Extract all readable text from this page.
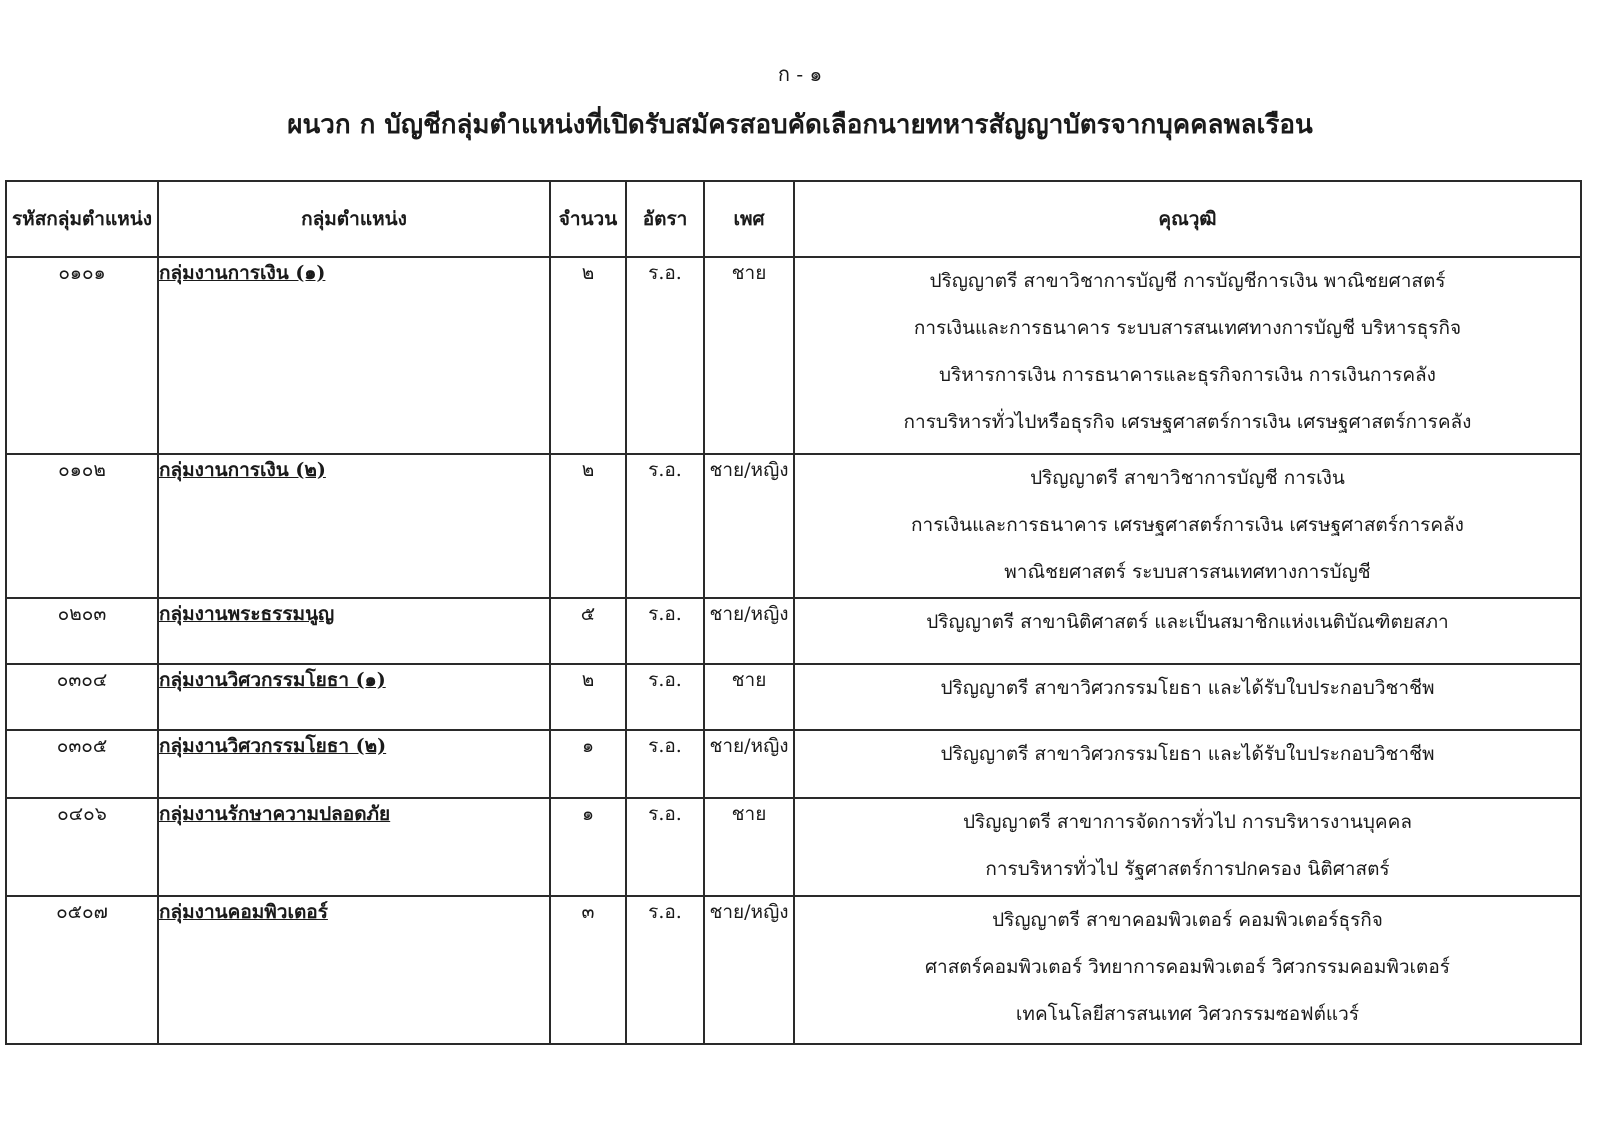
ก - ๑
ผนวก ก บัญชีกลุ่มตำแหน่งที่เปิดรับสมัครสอบคัดเลือกนายทหารสัญญาบัตรจากบุคคลพลเรือน
รหัสกลุ่มตำแหน่ง	กลุ่มตำแหน่ง	จำนวน	อัตรา	เพศ	คุณวุฒิ
๐๑๐๑	กลุ่มงานการเงิน (๑)	๒	ร.อ.	ชาย	ปริญญาตรี สาขาวิชาการบัญชี การบัญชีการเงิน พาณิชยศาสตร์
การเงินและการธนาคาร ระบบสารสนเทศทางการบัญชี บริหารธุรกิจ
บริหารการเงิน การธนาคารและธุรกิจการเงิน การเงินการคลัง
การบริหารทั่วไปหรือธุรกิจ เศรษฐศาสตร์การเงิน เศรษฐศาสตร์การคลัง

๐๑๐๒	กลุ่มงานการเงิน (๒)	๒	ร.อ.	ชาย/หญิง	ปริญญาตรี สาขาวิชาการบัญชี การเงิน
การเงินและการธนาคาร เศรษฐศาสตร์การเงิน เศรษฐศาสตร์การคลัง
พาณิชยศาสตร์ ระบบสารสนเทศทางการบัญชี

๐๒๐๓	กลุ่มงานพระธรรมนูญ	๕	ร.อ.	ชาย/หญิง	ปริญญาตรี สาขานิติศาสตร์ และเป็นสมาชิกแห่งเนติบัณฑิตยสภา

๐๓๐๔	กลุ่มงานวิศวกรรมโยธา (๑)	๒	ร.อ.	ชาย	ปริญญาตรี สาขาวิศวกรรมโยธา และได้รับใบประกอบวิชาชีพ

๐๓๐๕	กลุ่มงานวิศวกรรมโยธา (๒)	๑	ร.อ.	ชาย/หญิง	ปริญญาตรี สาขาวิศวกรรมโยธา และได้รับใบประกอบวิชาชีพ

๐๔๐๖	กลุ่มงานรักษาความปลอดภัย	๑	ร.อ.	ชาย	ปริญญาตรี สาขาการจัดการทั่วไป การบริหารงานบุคคล
การบริหารทั่วไป รัฐศาสตร์การปกครอง นิติศาสตร์

๐๕๐๗	กลุ่มงานคอมพิวเตอร์	๓	ร.อ.	ชาย/หญิง	ปริญญาตรี สาขาคอมพิวเตอร์ คอมพิวเตอร์ธุรกิจ
ศาสตร์คอมพิวเตอร์ วิทยาการคอมพิวเตอร์ วิศวกรรมคอมพิวเตอร์
เทคโนโลยีสารสนเทศ วิศวกรรมซอฟต์แวร์
